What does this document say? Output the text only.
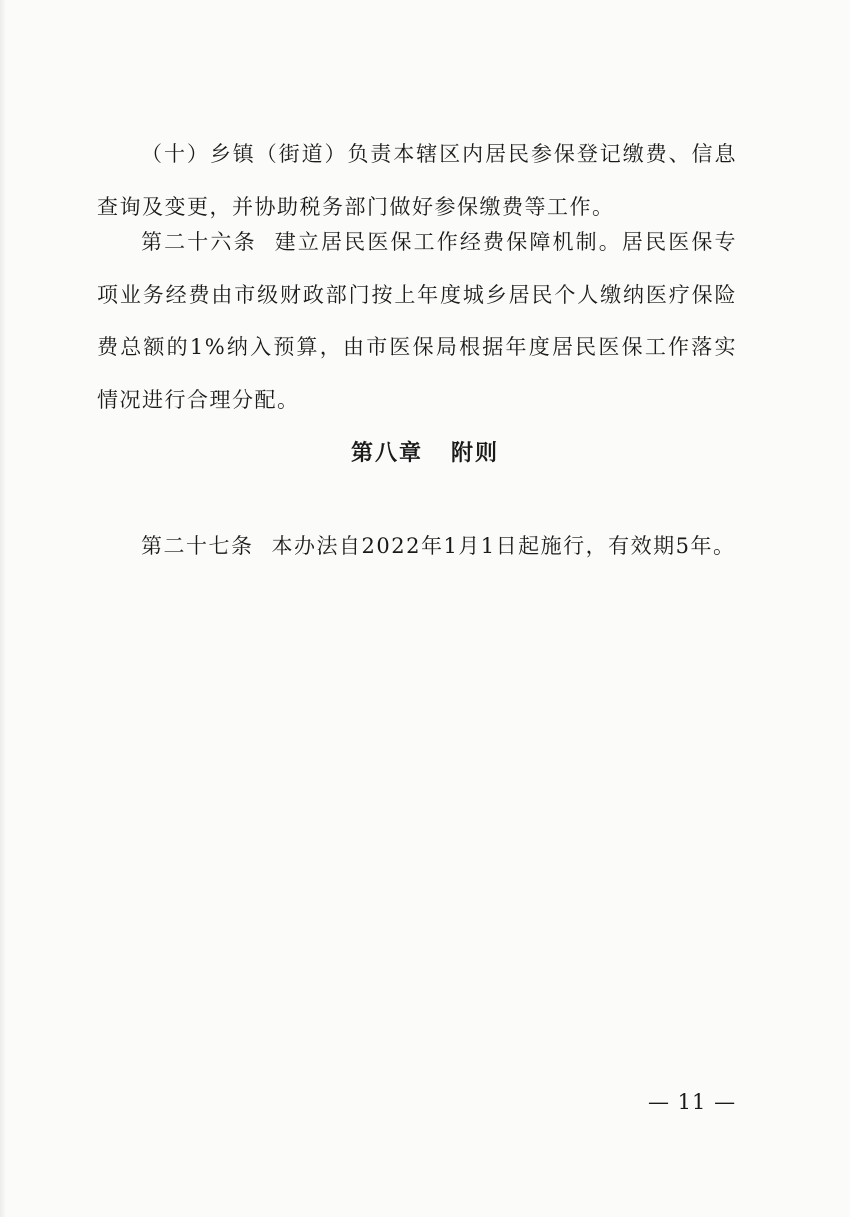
（十）乡镇（街道）负责本辖区内居民参保登记缴费、信息查询及变更，并协助税务部门做好参保缴费等工作。

第二十六条 建立居民医保工作经费保障机制。居民医保专项业务经费由市级财政部门按上年度城乡居民个人缴纳医疗保险费总额的1%纳入预算，由市医保局根据年度居民医保工作落实情况进行合理分配。

第八章 附则

第二十七条 本办法自2022年1月1日起施行，有效期5年。

— 11 —
